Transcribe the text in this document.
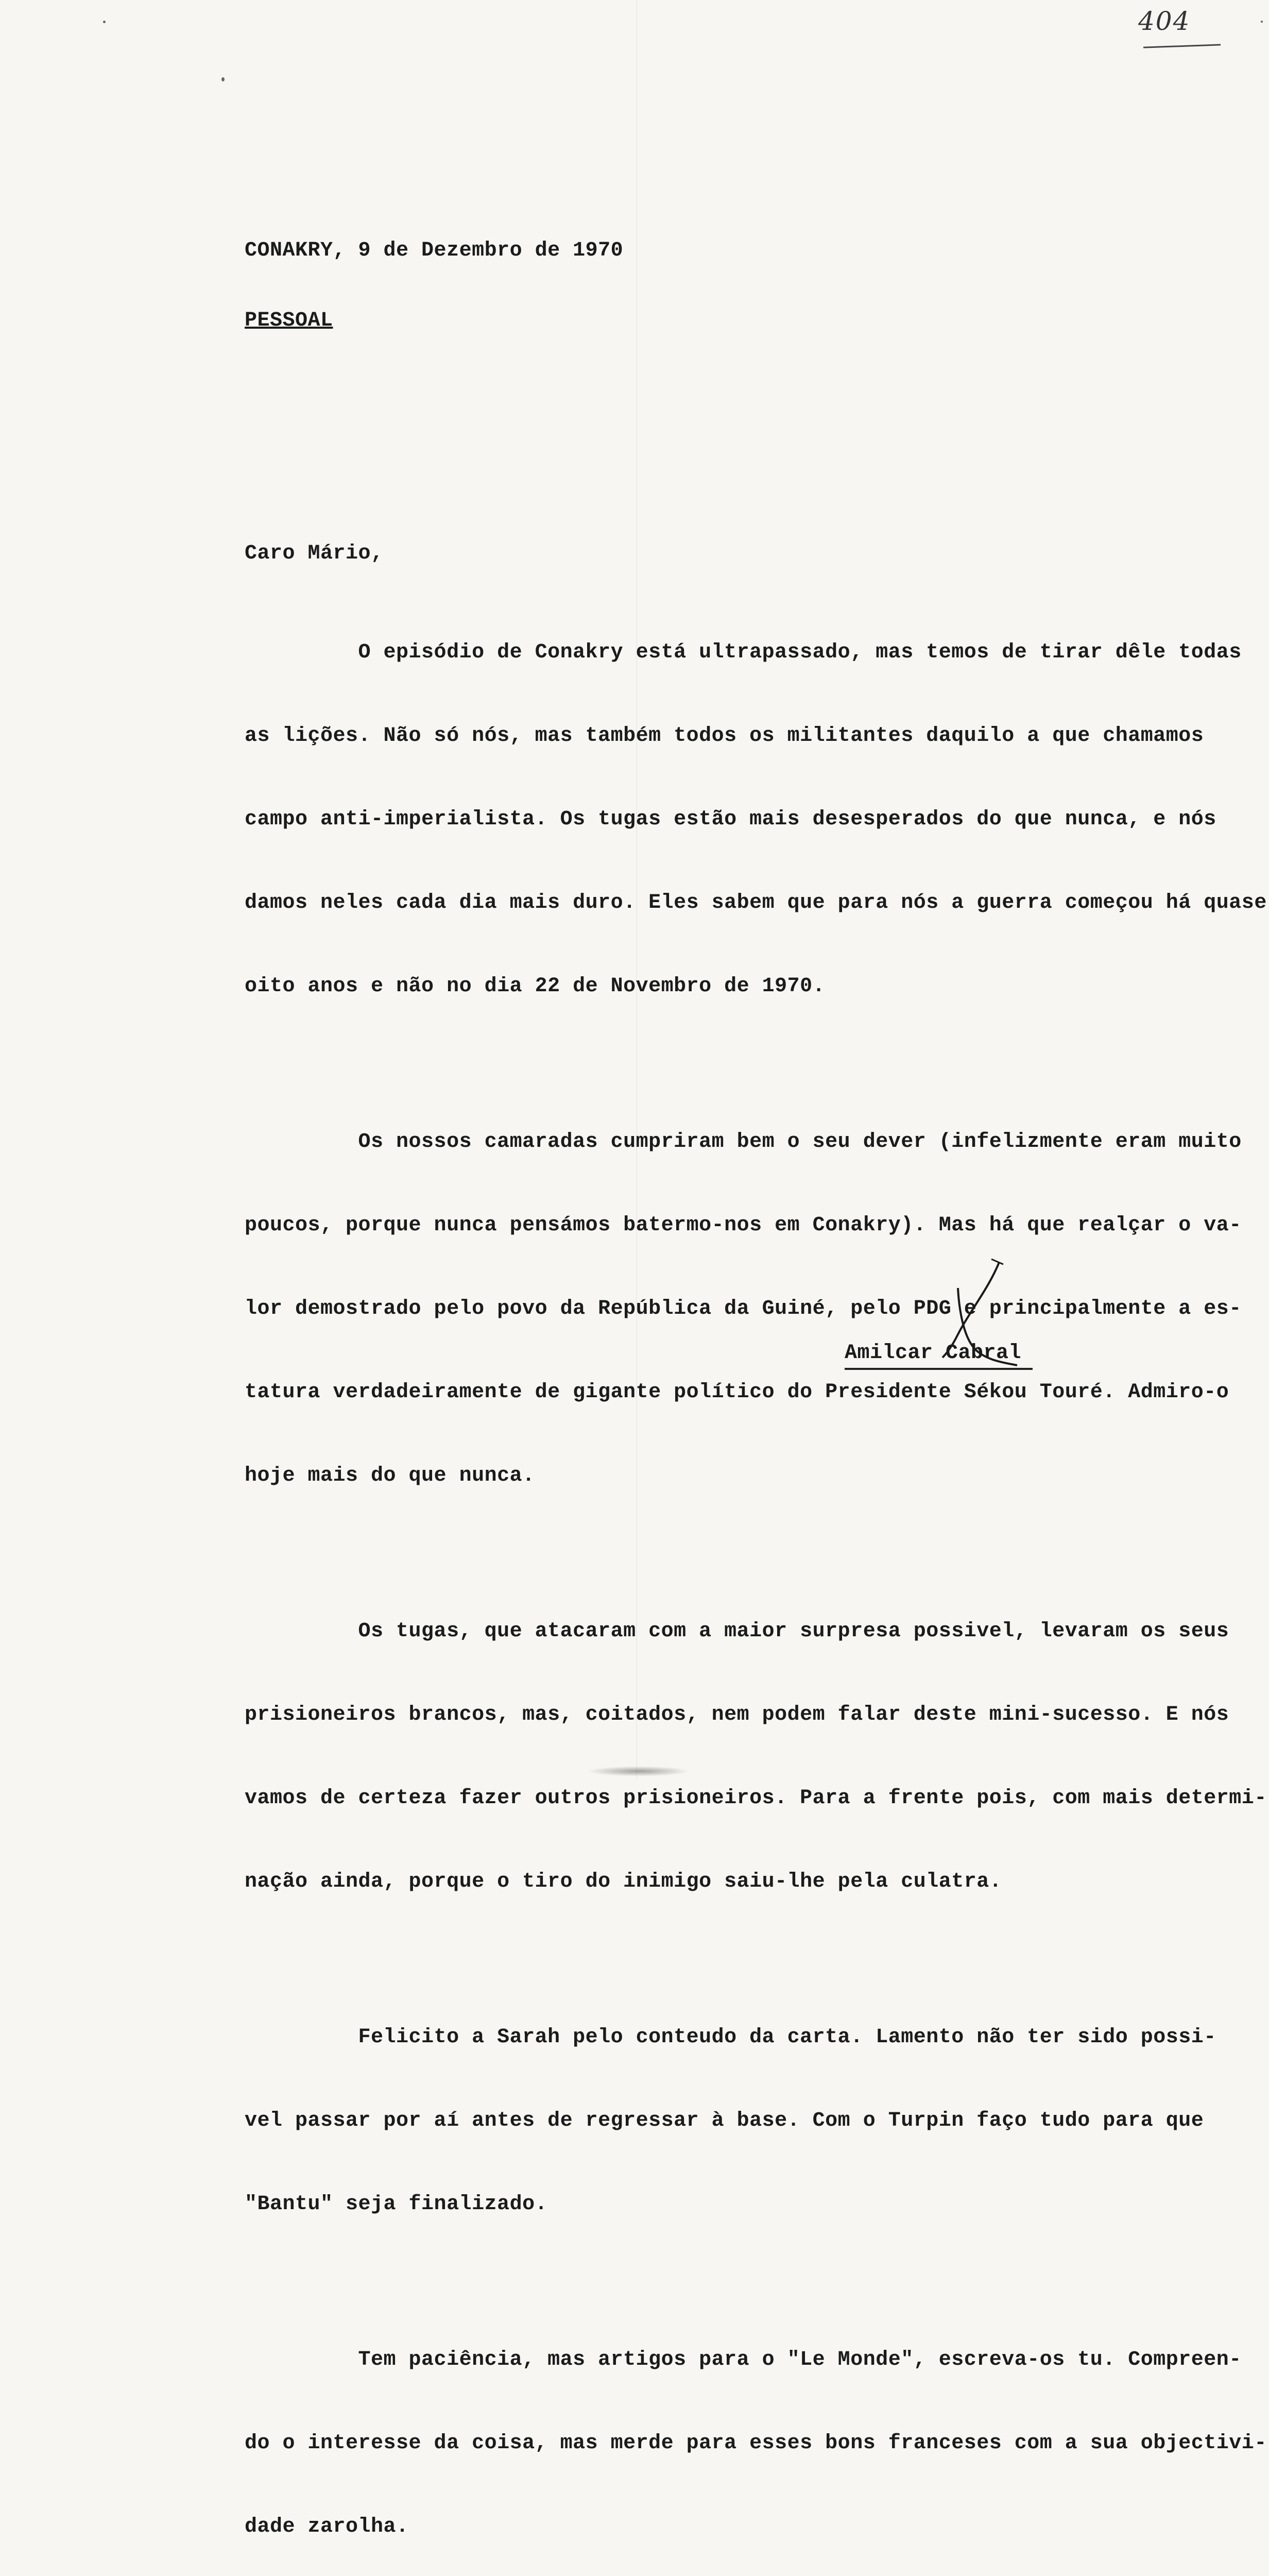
404
CONAKRY, 9 de Dezembro de 1970
PESSOAL
Caro Mário,

O episódio de Conakry está ultrapassado, mas temos de tirar dêle todas

as lições. Não só nós, mas também todos os militantes daquilo a que chamamos

campo anti-imperialista. Os tugas estão mais desesperados do que nunca, e nós

damos neles cada dia mais duro. Eles sabem que para nós a guerra começou há quase

oito anos e não no dia 22 de Novembro de 1970.

Os nossos camaradas cumpriram bem o seu dever (infelizmente eram muito

poucos, porque nunca pensámos batermo-nos em Conakry). Mas há que realçar o va-

lor demostrado pelo povo da República da Guiné, pelo PDG e principalmente a es-

tatura verdadeiramente de gigante político do Presidente Sékou Touré. Admiro-o

hoje mais do que nunca.

Os tugas, que atacaram com a maior surpresa possivel, levaram os seus

prisioneiros brancos, mas, coitados, nem podem falar deste mini-sucesso. E nós

vamos de certeza fazer outros prisioneiros. Para a frente pois, com mais determi-

nação ainda, porque o tiro do inimigo saiu-lhe pela culatra.

Felicito a Sarah pelo conteudo da carta. Lamento não ter sido possi-

vel passar por aí antes de regressar à base. Com o Turpin faço tudo para que

"Bantu" seja finalizado.

Tem paciência, mas artigos para o "Le Monde", escreva-os tu. Compreen-

do o interesse da coisa, mas merde para esses bons franceses com a sua objectivi-

dade zarolha.

Amilcar Cabral
